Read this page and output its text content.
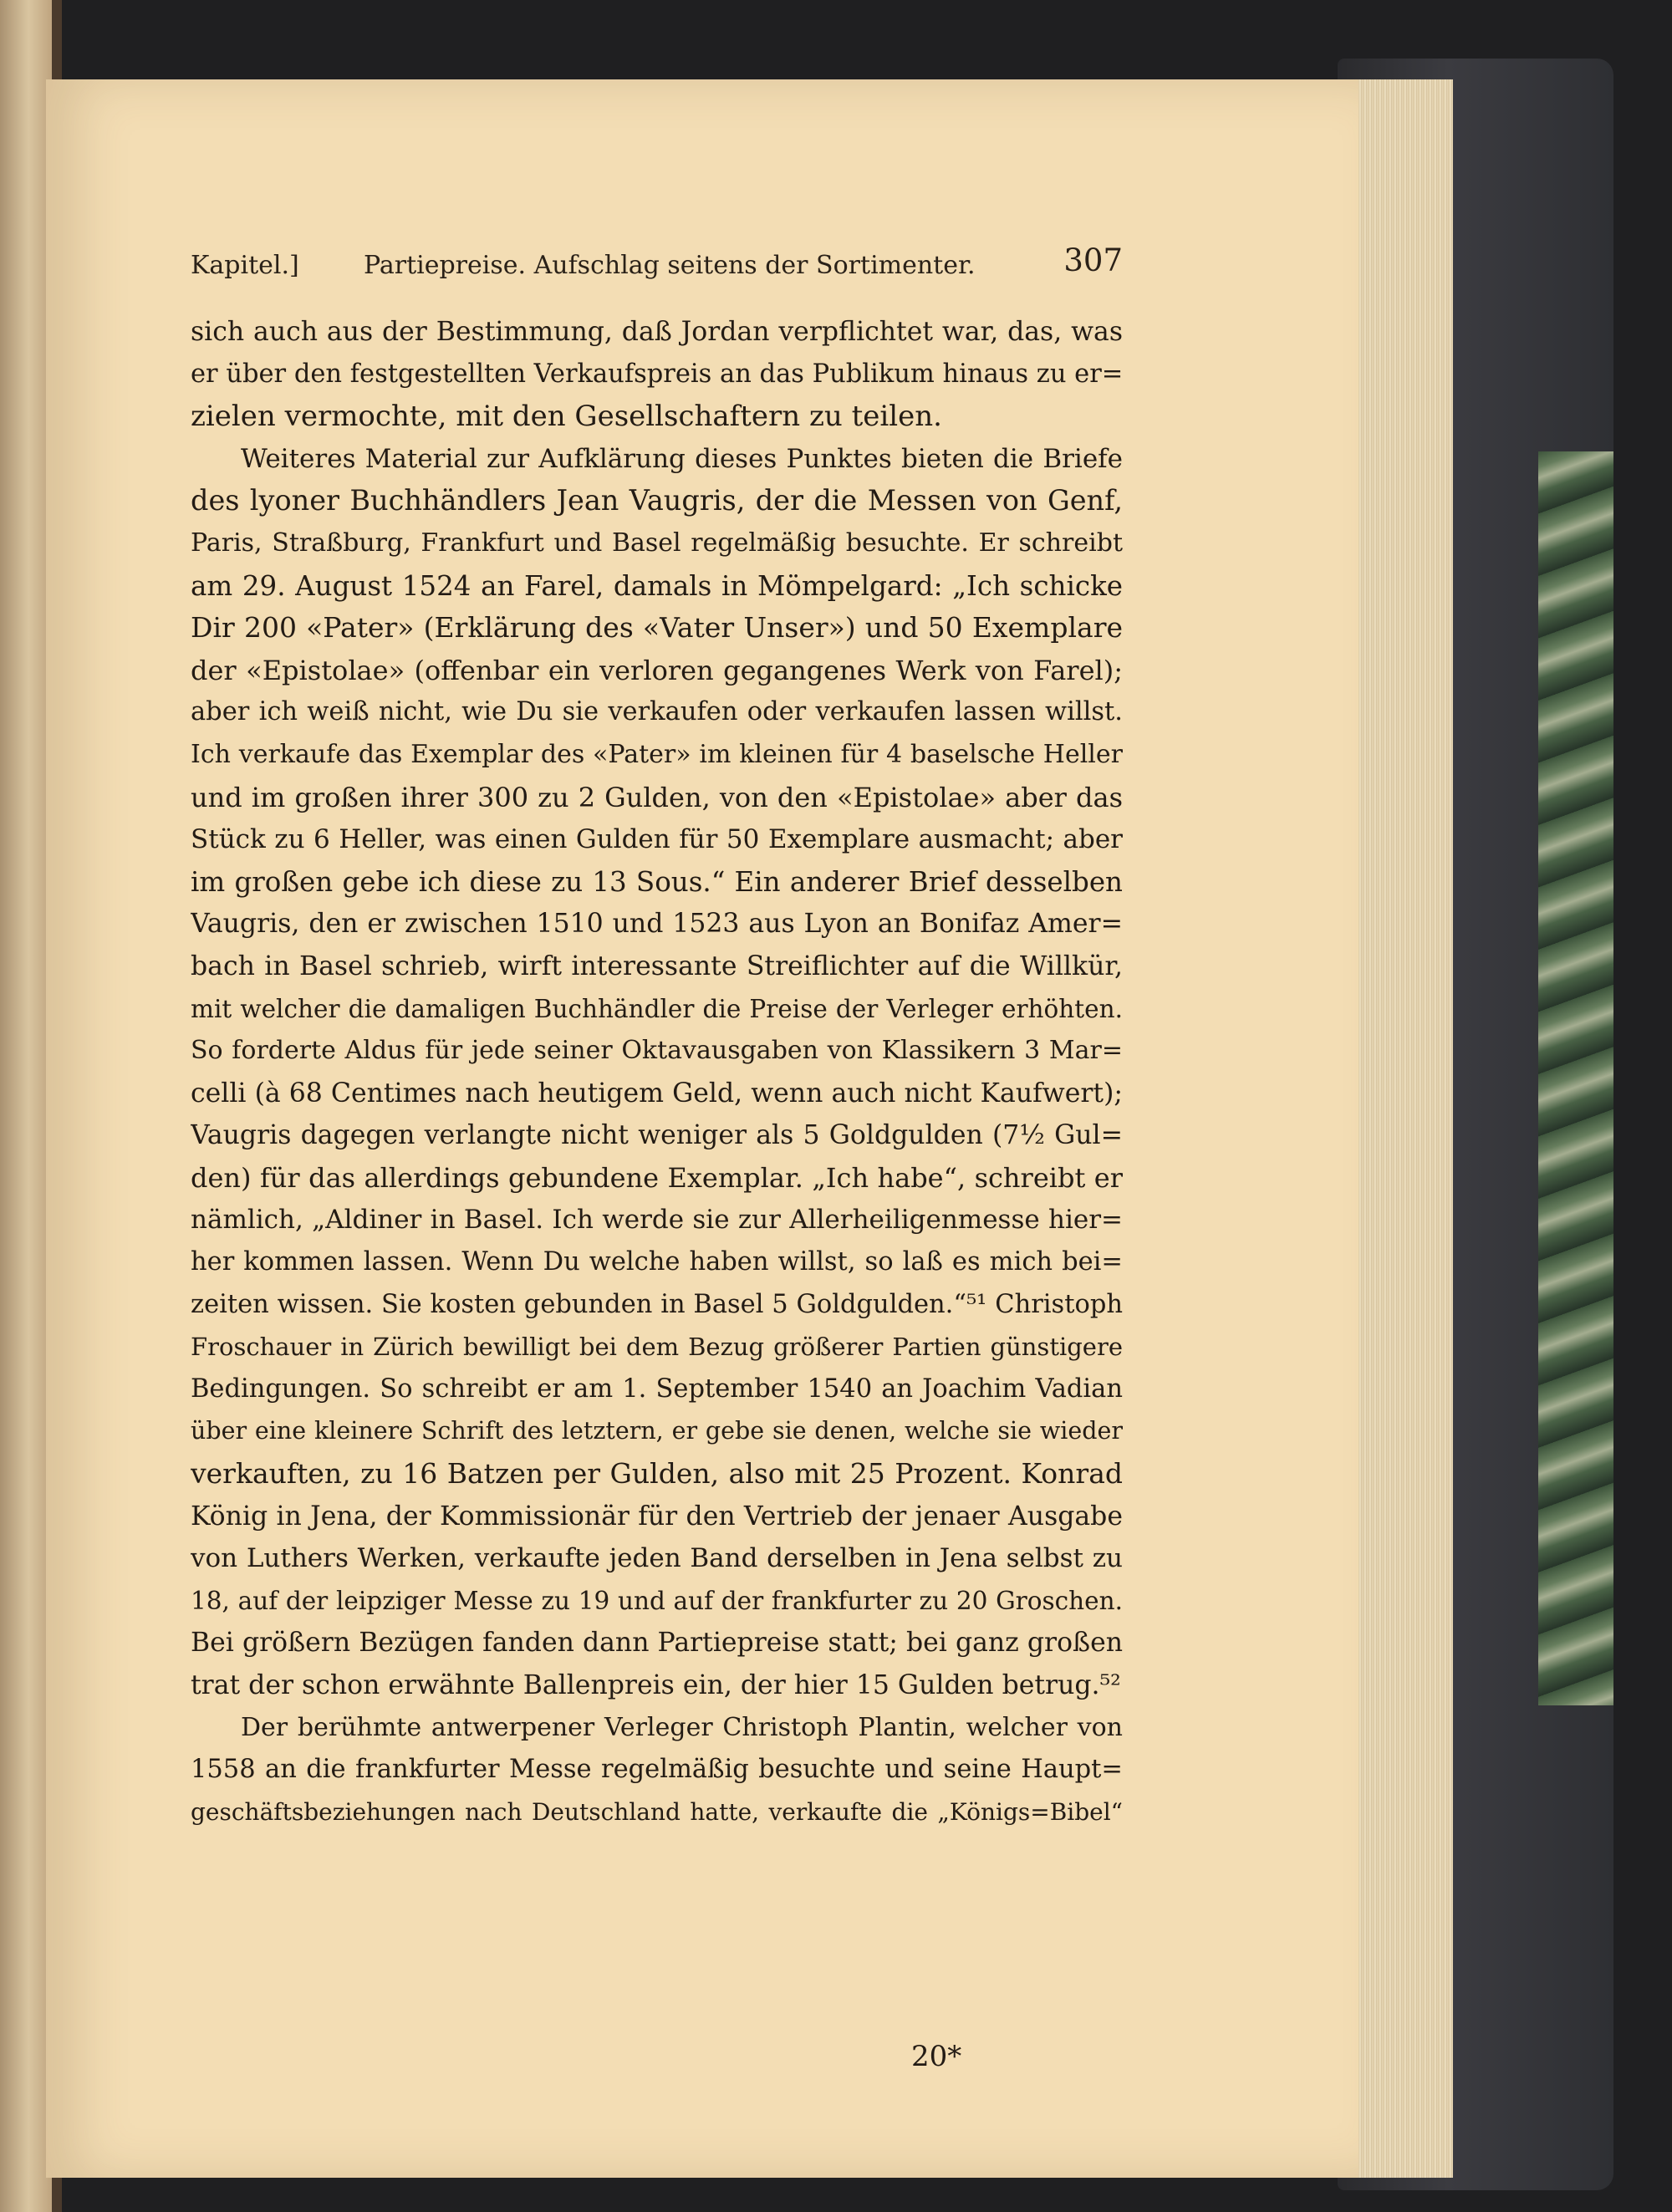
Kapitel.]	Partiepreise. Aufschlag seitens der Sortimenter.	307
sich auch aus der Bestimmung, daß Jordan verpflichtet war, das, was
er über den festgestellten Verkaufspreis an das Publikum hinaus zu er=
zielen vermochte, mit den Gesellschaftern zu teilen.
Weiteres Material zur Aufklärung dieses Punktes bieten die Briefe
des lyoner Buchhändlers Jean Vaugris, der die Messen von Genf,
Paris, Straßburg, Frankfurt und Basel regelmäßig besuchte. Er schreibt
am 29. August 1524 an Farel, damals in Mömpelgard: „Ich schicke
Dir 200 «Pater» (Erklärung des «Vater Unser») und 50 Exemplare
der «Epistolae» (offenbar ein verloren gegangenes Werk von Farel);
aber ich weiß nicht, wie Du sie verkaufen oder verkaufen lassen willst.
Ich verkaufe das Exemplar des «Pater» im kleinen für 4 baselsche Heller
und im großen ihrer 300 zu 2 Gulden, von den «Epistolae» aber das
Stück zu 6 Heller, was einen Gulden für 50 Exemplare ausmacht; aber
im großen gebe ich diese zu 13 Sous.“ Ein anderer Brief desselben
Vaugris, den er zwischen 1510 und 1523 aus Lyon an Bonifaz Amer=
bach in Basel schrieb, wirft interessante Streiflichter auf die Willkür,
mit welcher die damaligen Buchhändler die Preise der Verleger erhöhten.
So forderte Aldus für jede seiner Oktavausgaben von Klassikern 3 Mar=
celli (à 68 Centimes nach heutigem Geld, wenn auch nicht Kaufwert);
Vaugris dagegen verlangte nicht weniger als 5 Goldgulden (7½ Gul=
den) für das allerdings gebundene Exemplar. „Ich habe“, schreibt er
nämlich, „Aldiner in Basel. Ich werde sie zur Allerheiligenmesse hier=
her kommen lassen. Wenn Du welche haben willst, so laß es mich bei=
zeiten wissen. Sie kosten gebunden in Basel 5 Goldgulden.“⁵¹ Christoph
Froschauer in Zürich bewilligt bei dem Bezug größerer Partien günstigere
Bedingungen. So schreibt er am 1. September 1540 an Joachim Vadian
über eine kleinere Schrift des letztern, er gebe sie denen, welche sie wieder
verkauften, zu 16 Batzen per Gulden, also mit 25 Prozent. Konrad
König in Jena, der Kommissionär für den Vertrieb der jenaer Ausgabe
von Luthers Werken, verkaufte jeden Band derselben in Jena selbst zu
18, auf der leipziger Messe zu 19 und auf der frankfurter zu 20 Groschen.
Bei größern Bezügen fanden dann Partiepreise statt; bei ganz großen
trat der schon erwähnte Ballenpreis ein, der hier 15 Gulden betrug.⁵²
Der berühmte antwerpener Verleger Christoph Plantin, welcher von
1558 an die frankfurter Messe regelmäßig besuchte und seine Haupt=
geschäftsbeziehungen nach Deutschland hatte, verkaufte die „Königs=Bibel“
20*
